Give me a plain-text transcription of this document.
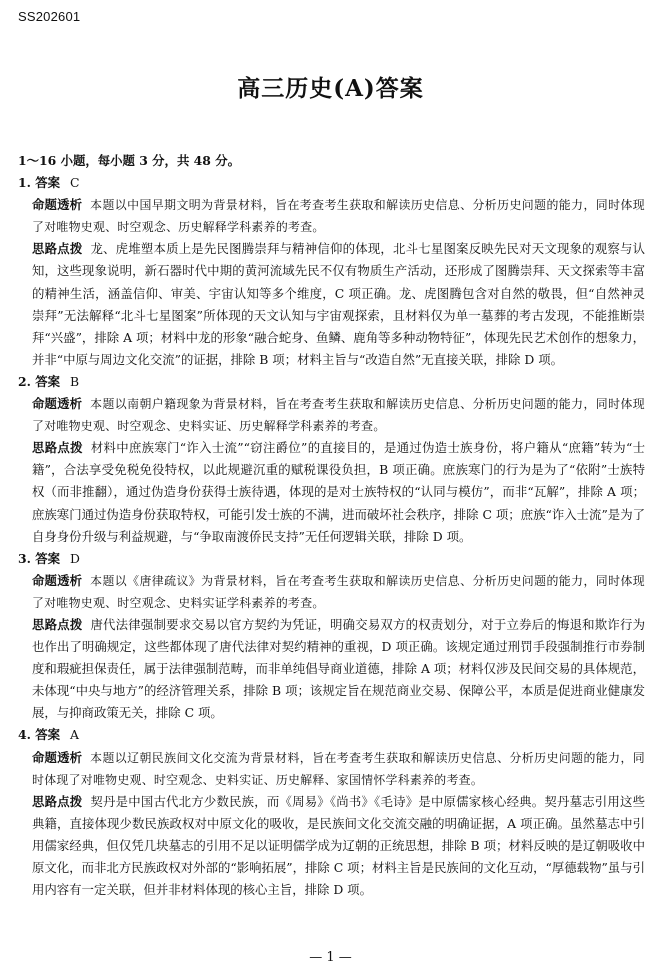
SS202601
高三历史(A)答案

1～16 小题，每小题 3 分，共 48 分。

1. 答案 C

命题透析 本题以中国早期文明为背景材料，旨在考查考生获取和解读历史信息、分析历史问题的能力，同时体现了对唯物史观、时空观念、历史解释学科素养的考查。

思路点拨 龙、虎堆塑本质上是先民图腾崇拜与精神信仰的体现，北斗七星图案反映先民对天文现象的观察与认知，这些现象说明，新石器时代中期的黄河流域先民不仅有物质生产活动，还形成了图腾崇拜、天文探索等丰富的精神生活，涵盖信仰、审美、宇宙认知等多个维度，C 项正确。龙、虎图腾包含对自然的敬畏，但“自然神灵崇拜”无法解释“北斗七星图案”所体现的天文认知与宇宙观探索，且材料仅为单一墓葬的考古发现，不能推断崇拜“兴盛”，排除 A 项；材料中龙的形象“融合蛇身、鱼鳞、鹿角等多种动物特征”，体现先民艺术创作的想象力，并非“中原与周边文化交流”的证据，排除 B 项；材料主旨与“改造自然”无直接关联，排除 D 项。

2. 答案 B

命题透析 本题以南朝户籍现象为背景材料，旨在考查考生获取和解读历史信息、分析历史问题的能力，同时体现了对唯物史观、时空观念、史料实证、历史解释学科素养的考查。

思路点拨 材料中庶族寒门“诈入士流”“窃注爵位”的直接目的，是通过伪造士族身份，将户籍从“庶籍”转为“士籍”，合法享受免税免役特权，以此规避沉重的赋税课役负担，B 项正确。庶族寒门的行为是为了“依附”士族特权（而非推翻），通过伪造身份获得士族待遇，体现的是对士族特权的“认同与模仿”，而非“瓦解”，排除 A 项；庶族寒门通过伪造身份获取特权，可能引发士族的不满，进而破坏社会秩序，排除 C 项；庶族“诈入士流”是为了自身身份升级与利益规避，与“争取南渡侨民支持”无任何逻辑关联，排除 D 项。

3. 答案 D

命题透析 本题以《唐律疏议》为背景材料，旨在考查考生获取和解读历史信息、分析历史问题的能力，同时体现了对唯物史观、时空观念、史料实证学科素养的考查。

思路点拨 唐代法律强制要求交易以官方契约为凭证，明确交易双方的权责划分，对于立券后的悔退和欺诈行为也作出了明确规定，这些都体现了唐代法律对契约精神的重视，D 项正确。该规定通过刑罚手段强制推行市券制度和瑕疵担保责任，属于法律强制范畴，而非单纯倡导商业道德，排除 A 项；材料仅涉及民间交易的具体规范，未体现“中央与地方”的经济管理关系，排除 B 项；该规定旨在规范商业交易、保障公平，本质是促进商业健康发展，与抑商政策无关，排除 C 项。

4. 答案 A

命题透析 本题以辽朝民族间文化交流为背景材料，旨在考查考生获取和解读历史信息、分析历史问题的能力，同时体现了对唯物史观、时空观念、史料实证、历史解释、家国情怀学科素养的考查。

思路点拨 契丹是中国古代北方少数民族，而《周易》《尚书》《毛诗》是中原儒家核心经典。契丹墓志引用这些典籍，直接体现少数民族政权对中原文化的吸收，是民族间文化交流交融的明确证据，A 项正确。虽然墓志中引用儒家经典，但仅凭几块墓志的引用不足以证明儒学成为辽朝的正统思想，排除 B 项；材料反映的是辽朝吸收中原文化，而非北方民族政权对外部的“影响拓展”，排除 C 项；材料主旨是民族间的文化互动，“厚德载物”虽与引用内容有一定关联，但并非材料体现的核心主旨，排除 D 项。

— 1 —
